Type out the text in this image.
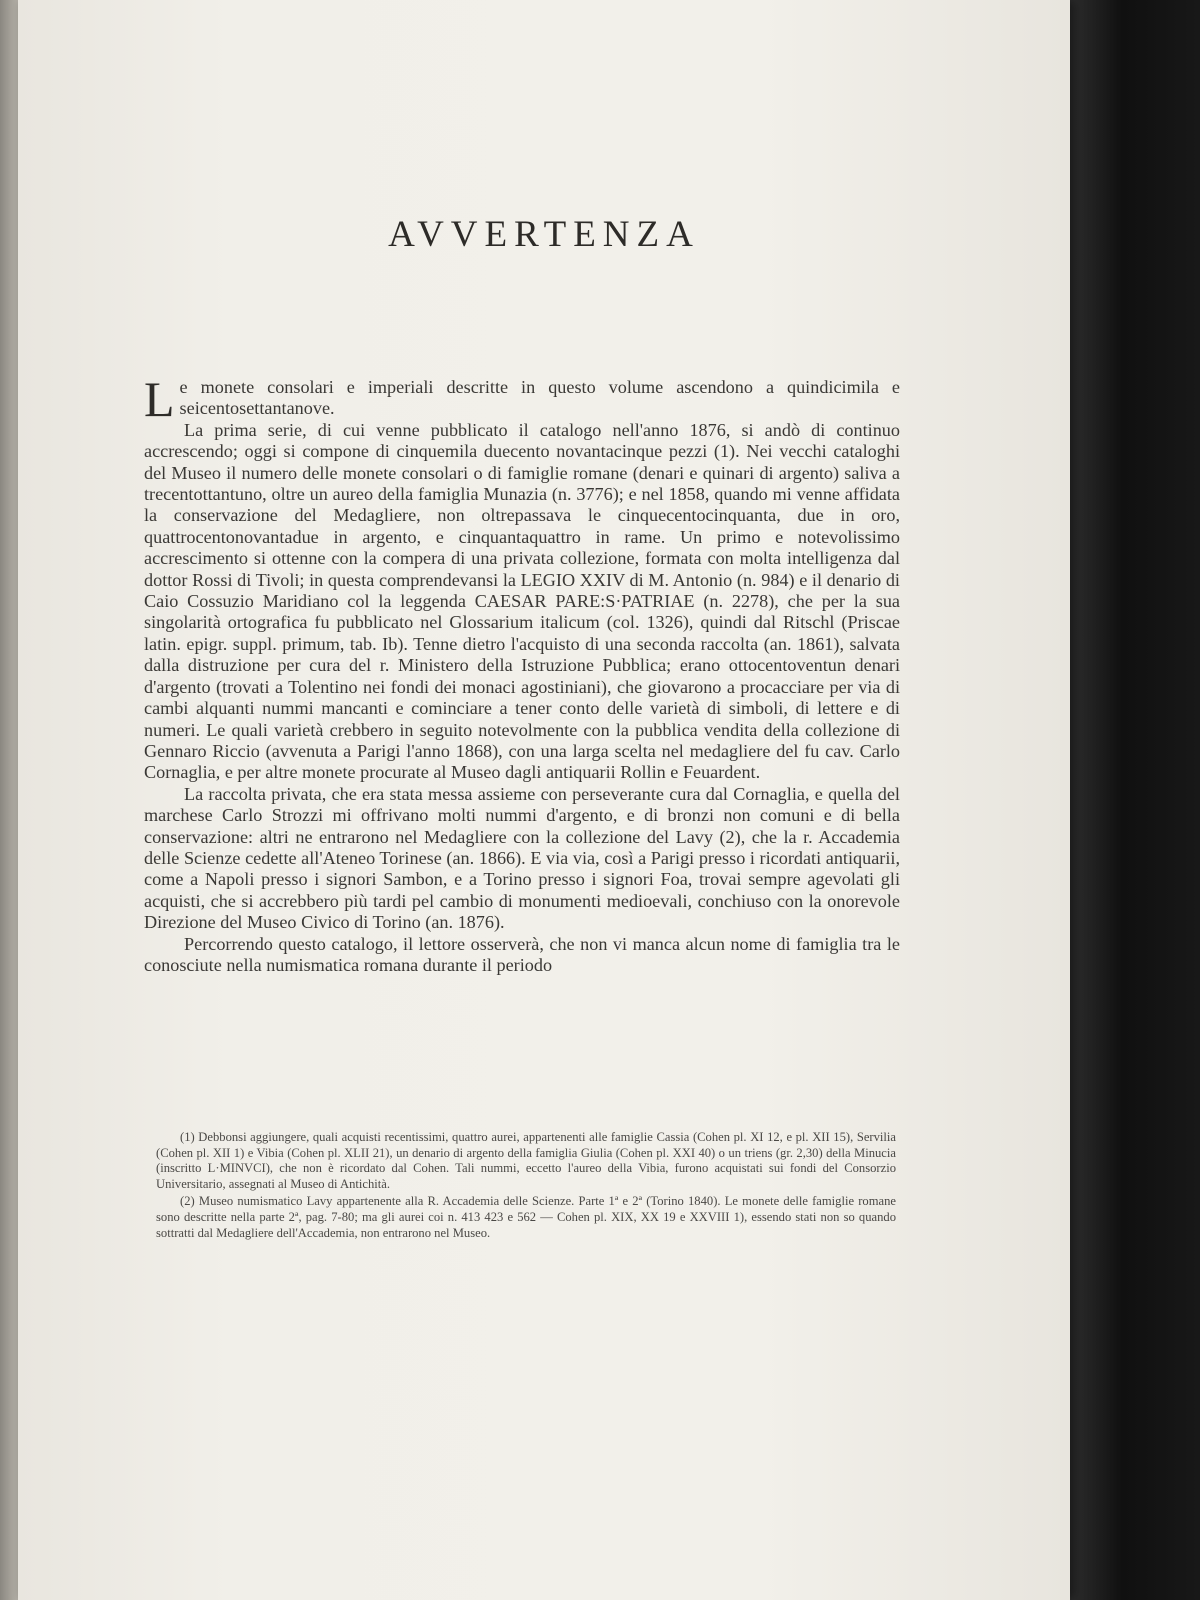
AVVERTENZA

Le monete consolari e imperiali descritte in questo volume ascendono a quindicimila e seicentosettantanove.

La prima serie, di cui venne pubblicato il catalogo nell'anno 1876, si andò di continuo accrescendo; oggi si compone di cinquemila duecento novantacinque pezzi (1). Nei vecchi cataloghi del Museo il numero delle monete consolari o di famiglie romane (denari e quinari di argento) saliva a trecentottantuno, oltre un aureo della famiglia Munazia (n. 3776); e nel 1858, quando mi venne affidata la conservazione del Medagliere, non oltrepassava le cinquecentocinquanta, due in oro, quattrocentonovantadue in argento, e cinquantaquattro in rame. Un primo e notevolissimo accrescimento si ottenne con la compera di una privata collezione, formata con molta intelligenza dal dottor Rossi di Tivoli; in questa comprendevansi la LEGIO XXIV di M. Antonio (n. 984) e il denario di Caio Cossuzio Maridiano col la leggenda CAESAR PARE:S·PATRIAE (n. 2278), che per la sua singolarità ortografica fu pubblicato nel Glossarium italicum (col. 1326), quindi dal Ritschl (Priscae latin. epigr. suppl. primum, tab. Ib). Tenne dietro l'acquisto di una seconda raccolta (an. 1861), salvata dalla distruzione per cura del r. Ministero della Istruzione Pubblica; erano ottocentoventun denari d'argento (trovati a Tolentino nei fondi dei monaci agostiniani), che giovarono a procacciare per via di cambi alquanti nummi mancanti e cominciare a tener conto delle varietà di simboli, di lettere e di numeri. Le quali varietà crebbero in seguito notevolmente con la pubblica vendita della collezione di Gennaro Riccio (avvenuta a Parigi l'anno 1868), con una larga scelta nel medagliere del fu cav. Carlo Cornaglia, e per altre monete procurate al Museo dagli antiquarii Rollin e Feuardent.

La raccolta privata, che era stata messa assieme con perseverante cura dal Cornaglia, e quella del marchese Carlo Strozzi mi offrivano molti nummi d'argento, e di bronzi non comuni e di bella conservazione: altri ne entrarono nel Medagliere con la collezione del Lavy (2), che la r. Accademia delle Scienze cedette all'Ateneo Torinese (an. 1866). E via via, così a Parigi presso i ricordati antiquarii, come a Napoli presso i signori Sambon, e a Torino presso i signori Foa, trovai sempre agevolati gli acquisti, che si accrebbero più tardi pel cambio di monumenti medioevali, conchiuso con la onorevole Direzione del Museo Civico di Torino (an. 1876).

Percorrendo questo catalogo, il lettore osserverà, che non vi manca alcun nome di famiglia tra le conosciute nella numismatica romana durante il periodo

(1) Debbonsi aggiungere, quali acquisti recentissimi, quattro aurei, appartenenti alle famiglie Cassia (Cohen pl. XI 12, e pl. XII 15), Servilia (Cohen pl. XII 1) e Vibia (Cohen pl. XLII 21), un denario di argento della famiglia Giulia (Cohen pl. XXI 40) o un triens (gr. 2,30) della Minucia (inscritto L·MINVCI), che non è ricordato dal Cohen. Tali nummi, eccetto l'aureo della Vibia, furono acquistati sui fondi del Consorzio Universitario, assegnati al Museo di Antichità.

(2) Museo numismatico Lavy appartenente alla R. Accademia delle Scienze. Parte 1ª e 2ª (Torino 1840). Le monete delle famiglie romane sono descritte nella parte 2ª, pag. 7-80; ma gli aurei coi n. 413 423 e 562 — Cohen pl. XIX, XX 19 e XXVIII 1), essendo stati non so quando sottratti dal Medagliere dell'Accademia, non entrarono nel Museo.
